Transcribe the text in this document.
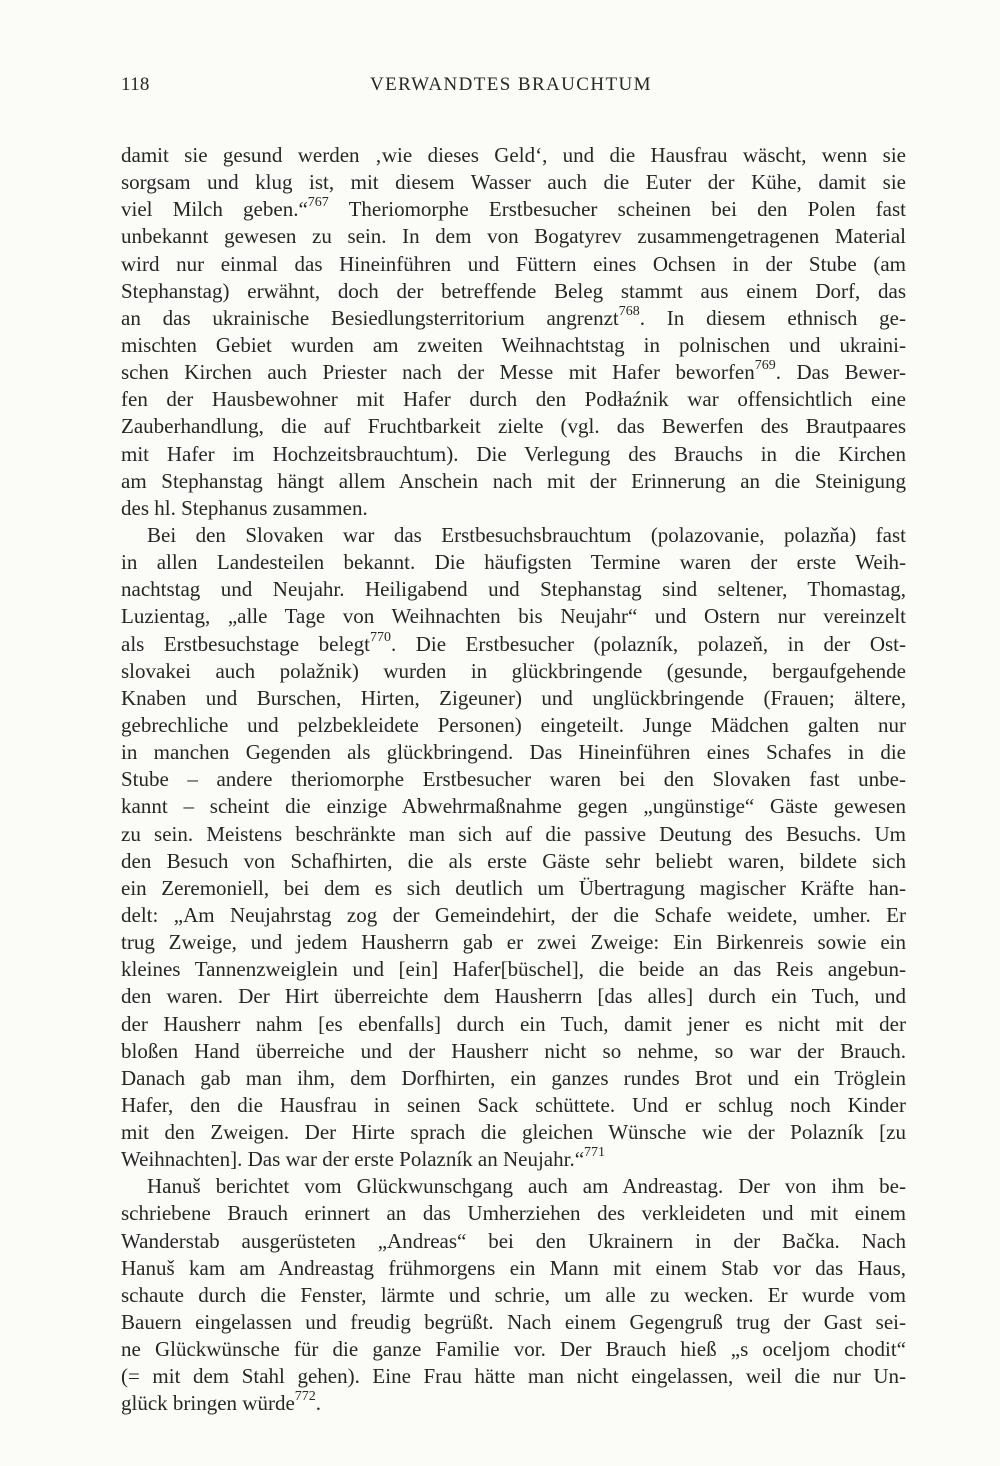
118	VERWANDTES BRAUCHTUM
damit sie gesund werden ‚wie dieses Geld‘, und die Hausfrau wäscht, wenn sie
sorgsam und klug ist, mit diesem Wasser auch die Euter der Kühe, damit sie
viel Milch geben.“$^{767}$ Theriomorphe Erstbesucher scheinen bei den Polen fast
unbekannt gewesen zu sein. In dem von Bogatyrev zusammengetragenen Material
wird nur einmal das Hineinführen und Füttern eines Ochsen in der Stube (am
Stephanstag) erwähnt, doch der betreffende Beleg stammt aus einem Dorf, das
an das ukrainische Besiedlungsterritorium angrenzt$^{768}$. In diesem ethnisch ge-
mischten Gebiet wurden am zweiten Weihnachtstag in polnischen und ukraini-
schen Kirchen auch Priester nach der Messe mit Hafer beworfen$^{769}$. Das Bewer-
fen der Hausbewohner mit Hafer durch den Podłaźnik war offensichtlich eine
Zauberhandlung, die auf Fruchtbarkeit zielte (vgl. das Bewerfen des Brautpaares
mit Hafer im Hochzeitsbrauchtum). Die Verlegung des Brauchs in die Kirchen
am Stephanstag hängt allem Anschein nach mit der Erinnerung an die Steinigung
des hl. Stephanus zusammen.
Bei den Slovaken war das Erstbesuchsbrauchtum (polazovanie, polazňa) fast
in allen Landesteilen bekannt. Die häufigsten Termine waren der erste Weih-
nachtstag und Neujahr. Heiligabend und Stephanstag sind seltener, Thomastag,
Luzientag, „alle Tage von Weihnachten bis Neujahr“ und Ostern nur vereinzelt
als Erstbesuchstage belegt$^{770}$. Die Erstbesucher (polazník, polazeň, in der Ost-
slovakei auch polažnik) wurden in glückbringende (gesunde, bergaufgehende
Knaben und Burschen, Hirten, Zigeuner) und unglückbringende (Frauen; ältere,
gebrechliche und pelzbekleidete Personen) eingeteilt. Junge Mädchen galten nur
in manchen Gegenden als glückbringend. Das Hineinführen eines Schafes in die
Stube – andere theriomorphe Erstbesucher waren bei den Slovaken fast unbe-
kannt – scheint die einzige Abwehrmaßnahme gegen „ungünstige“ Gäste gewesen
zu sein. Meistens beschränkte man sich auf die passive Deutung des Besuchs. Um
den Besuch von Schafhirten, die als erste Gäste sehr beliebt waren, bildete sich
ein Zeremoniell, bei dem es sich deutlich um Übertragung magischer Kräfte han-
delt: „Am Neujahrstag zog der Gemeindehirt, der die Schafe weidete, umher. Er
trug Zweige, und jedem Hausherrn gab er zwei Zweige: Ein Birkenreis sowie ein
kleines Tannenzweiglein und [ein] Hafer[büschel], die beide an das Reis angebun-
den waren. Der Hirt überreichte dem Hausherrn [das alles] durch ein Tuch, und
der Hausherr nahm [es ebenfalls] durch ein Tuch, damit jener es nicht mit der
bloßen Hand überreiche und der Hausherr nicht so nehme, so war der Brauch.
Danach gab man ihm, dem Dorfhirten, ein ganzes rundes Brot und ein Tröglein
Hafer, den die Hausfrau in seinen Sack schüttete. Und er schlug noch Kinder
mit den Zweigen. Der Hirte sprach die gleichen Wünsche wie der Polazník [zu
Weihnachten]. Das war der erste Polazník an Neujahr.“$^{771}$
Hanuš berichtet vom Glückwunschgang auch am Andreastag. Der von ihm be-
schriebene Brauch erinnert an das Umherziehen des verkleideten und mit einem
Wanderstab ausgerüsteten „Andreas“ bei den Ukrainern in der Bačka. Nach
Hanuš kam am Andreastag frühmorgens ein Mann mit einem Stab vor das Haus,
schaute durch die Fenster, lärmte und schrie, um alle zu wecken. Er wurde vom
Bauern eingelassen und freudig begrüßt. Nach einem Gegengruß trug der Gast sei-
ne Glückwünsche für die ganze Familie vor. Der Brauch hieß „s oceljom chodit“
(= mit dem Stahl gehen). Eine Frau hätte man nicht eingelassen, weil die nur Un-
glück bringen würde$^{772}$.
